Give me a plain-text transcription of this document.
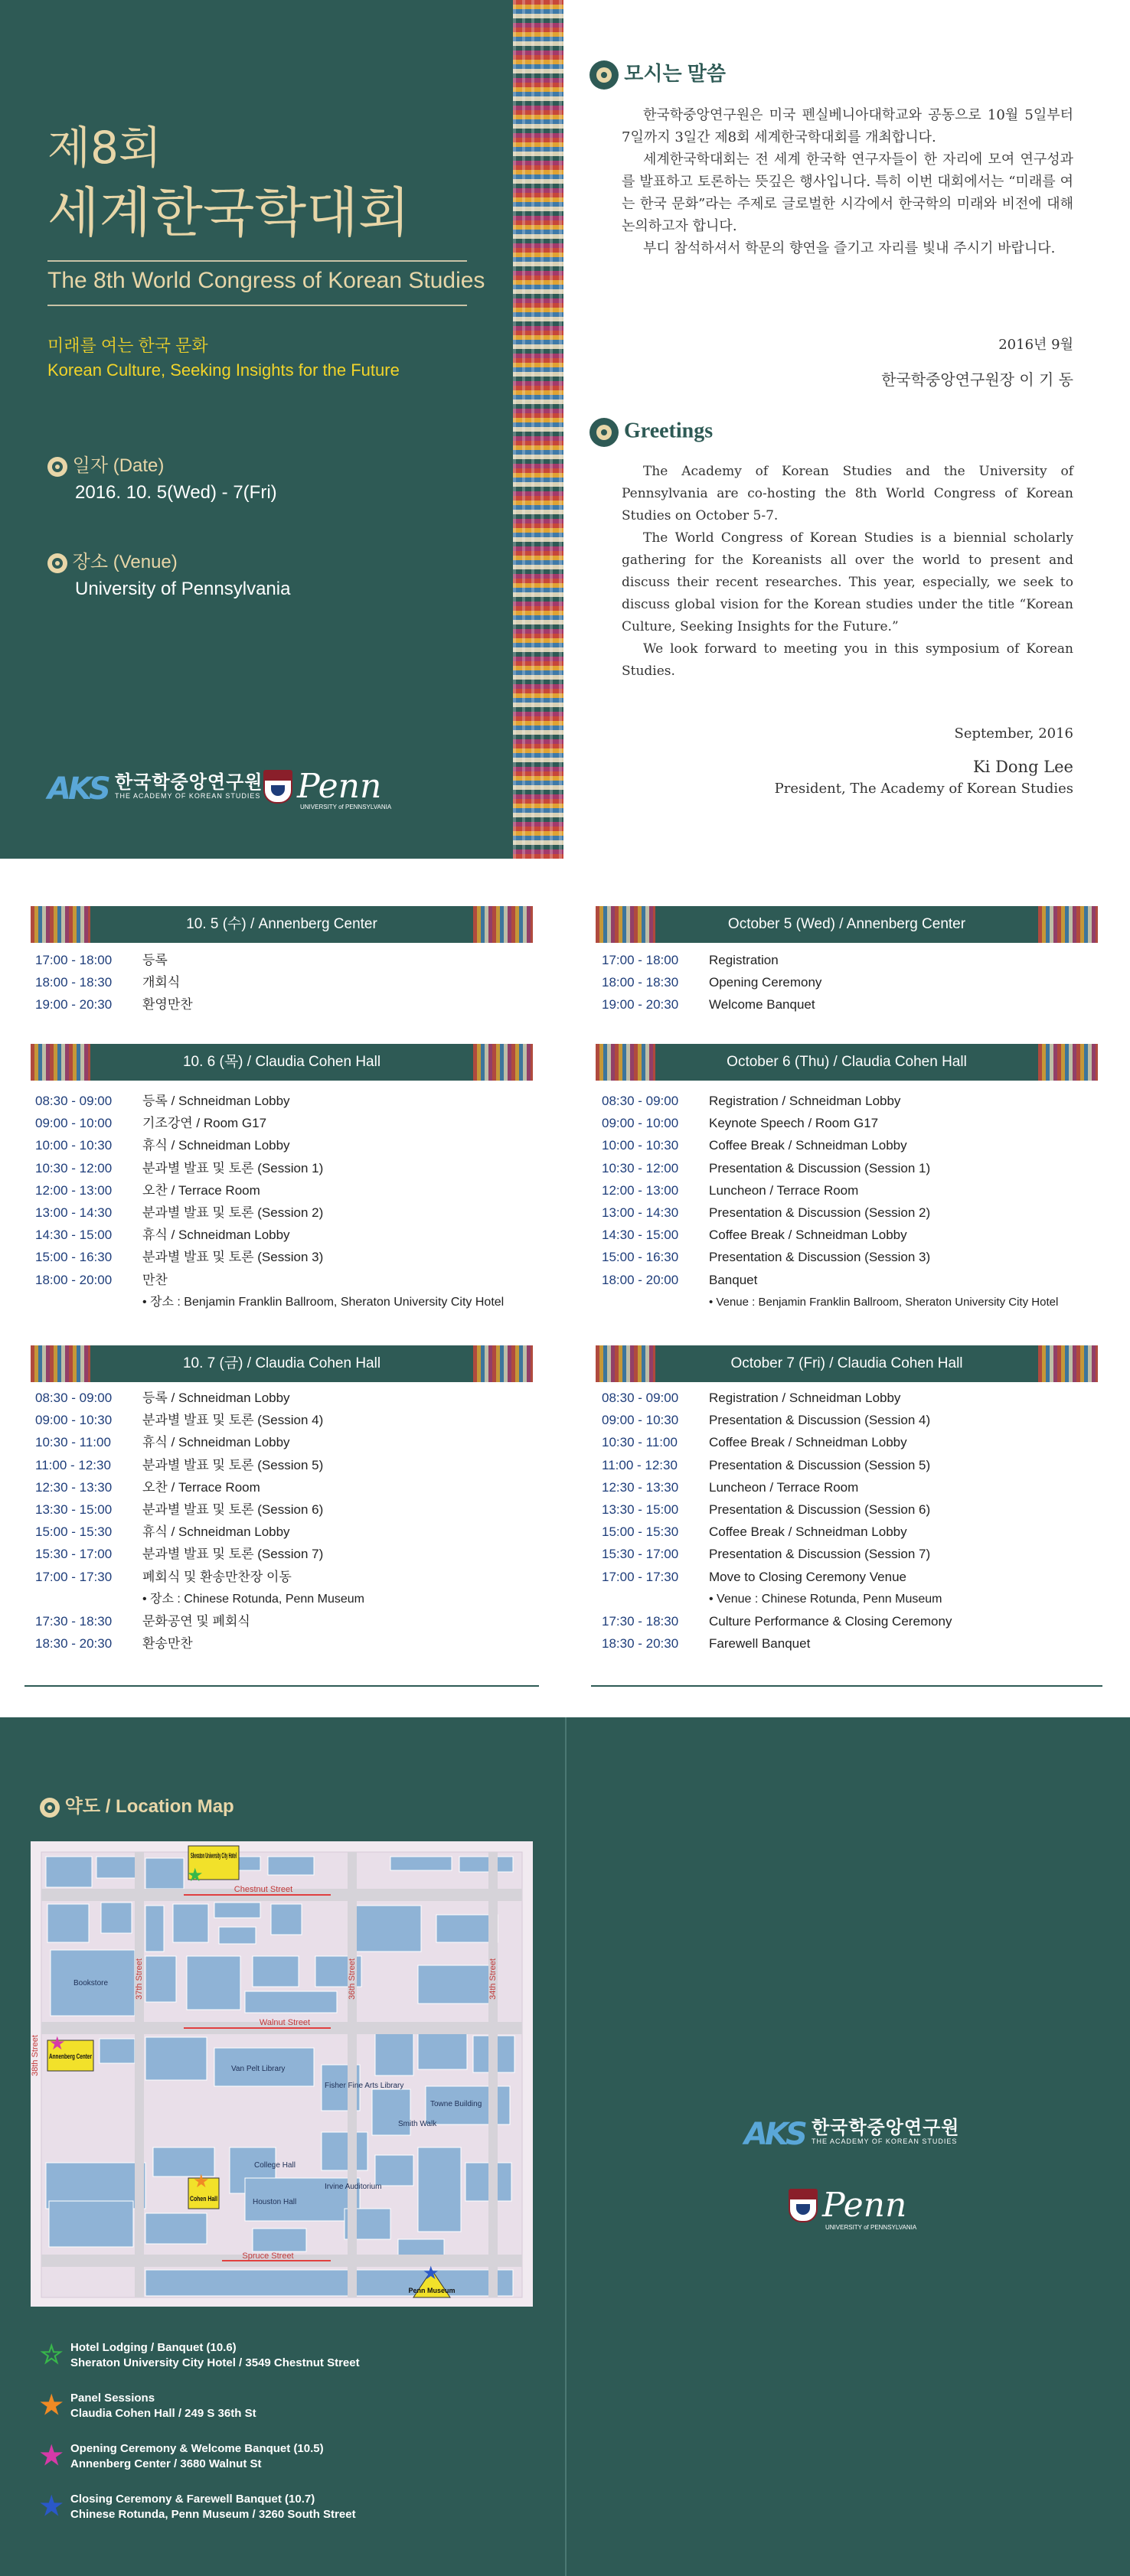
제8회
세계한국학대회
The 8th World Congress of Korean Studies
미래를 여는 한국 문화
Korean Culture, Seeking Insights for the Future
일자 (Date)
2016. 10. 5(Wed) - 7(Fri)
장소 (Venue)
University of Pennsylvania
AKS 한국학중앙연구원
THE ACADEMY OF KOREAN STUDIES Penn
UNIVERSITY of PENNSYLVANIA
모시는 말씀
한국학중앙연구원은 미국 펜실베니아대학교와 공동으로 10월 5일부터 7일까지 3일간 제8회 세계한국학대회를 개최합니다.
세계한국학대회는 전 세계 한국학 연구자들이 한 자리에 모여 연구성과를 발표하고 토론하는 뜻깊은 행사입니다. 특히 이번 대회에서는 “미래를 여는 한국 문화”라는 주제로 글로벌한 시각에서 한국학의 미래와 비전에 대해 논의하고자 합니다.
부디 참석하셔서 학문의 향연을 즐기고 자리를 빛내 주시기 바랍니다.
2016년 9월
한국학중앙연구원장 이 기 동
Greetings
The Academy of Korean Studies and the University of Pennsylvania are co-hosting the 8th World Congress of Korean Studies on October 5-7.
The World Congress of Korean Studies is a biennial scholarly gathering for the Koreanists all over the world to present and discuss their recent researches. This year, especially, we seek to discuss global vision for the Korean studies under the title “Korean Culture, Seeking Insights for the Future.”
We look forward to meeting you in this symposium of Korean Studies.
September, 2016
Ki Dong Lee
President, The Academy of Korean Studies
10. 5 (수) / Annenberg Center
17:00 - 18:00 등록
18:00 - 18:30 개회식
19:00 - 20:30 환영만찬
10. 6 (목) / Claudia Cohen Hall
08:30 - 09:00 등록 / Schneidman Lobby
09:00 - 10:00 기조강연 / Room G17
10:00 - 10:30 휴식 / Schneidman Lobby
10:30 - 12:00 분과별 발표 및 토론 (Session 1)
12:00 - 13:00 오찬 / Terrace Room
13:00 - 14:30 분과별 발표 및 토론 (Session 2)
14:30 - 15:00 휴식 / Schneidman Lobby
15:00 - 16:30 분과별 발표 및 토론 (Session 3)
18:00 - 20:00 만찬
• 장소 : Benjamin Franklin Ballroom, Sheraton University City Hotel
10. 7 (금) / Claudia Cohen Hall
08:30 - 09:00 등록 / Schneidman Lobby
09:00 - 10:30 분과별 발표 및 토론 (Session 4)
10:30 - 11:00 휴식 / Schneidman Lobby
11:00 - 12:30 분과별 발표 및 토론 (Session 5)
12:30 - 13:30 오찬 / Terrace Room
13:30 - 15:00 분과별 발표 및 토론 (Session 6)
15:00 - 15:30 휴식 / Schneidman Lobby
15:30 - 17:00 분과별 발표 및 토론 (Session 7)
17:00 - 17:30 폐회식 및 환송만찬장 이동
• 장소 : Chinese Rotunda, Penn Museum
17:30 - 18:30 문화공연 및 폐회식
18:30 - 20:30 환송만찬
October 5 (Wed) / Annenberg Center
17:00 - 18:00 Registration
18:00 - 18:30 Opening Ceremony
19:00 - 20:30 Welcome Banquet
October 6 (Thu) / Claudia Cohen Hall
08:30 - 09:00 Registration / Schneidman Lobby
09:00 - 10:00 Keynote Speech / Room G17
10:00 - 10:30 Coffee Break / Schneidman Lobby
10:30 - 12:00 Presentation & Discussion (Session 1)
12:00 - 13:00 Luncheon / Terrace Room
13:00 - 14:30 Presentation & Discussion (Session 2)
14:30 - 15:00 Coffee Break / Schneidman Lobby
15:00 - 16:30 Presentation & Discussion (Session 3)
18:00 - 20:00 Banquet
• Venue : Benjamin Franklin Ballroom, Sheraton University City Hotel
October 7 (Fri) / Claudia Cohen Hall
08:30 - 09:00 Registration / Schneidman Lobby
09:00 - 10:30 Presentation & Discussion (Session 4)
10:30 - 11:00 Coffee Break / Schneidman Lobby
11:00 - 12:30 Presentation & Discussion (Session 5)
12:30 - 13:30 Luncheon / Terrace Room
13:30 - 15:00 Presentation & Discussion (Session 6)
15:00 - 15:30 Coffee Break / Schneidman Lobby
15:30 - 17:00 Presentation & Discussion (Session 7)
17:00 - 17:30 Move to Closing Ceremony Venue
• Venue : Chinese Rotunda, Penn Museum
17:30 - 18:30 Culture Performance & Closing Ceremony
18:30 - 20:30 Farewell Banquet
약도 / Location Map
Chestnut Street
Walnut Street
Spruce Street
38th Street
37th Street	36th Street	34th Street
Smith Walk
Bookstore
Van Pelt Library
College Hall
Houston Hall
Irvine Auditorium
Towne Building
Fisher Fine Arts Library
Sheraton University City Hotel
★
Annenberg Center
★
Cohen Hall
★
Penn Museum
★
☆ Hotel Lodging / Banquet (10.6)
Sheraton University City Hotel / 3549 Chestnut Street
★ Panel Sessions
Claudia Cohen Hall / 249 S 36th St
★ Opening Ceremony & Welcome Banquet (10.5)
Annenberg Center / 3680 Walnut St
★ Closing Ceremony & Farewell Banquet (10.7)
Chinese Rotunda, Penn Museum / 3260 South Street
AKS 한국학중앙연구원
THE ACADEMY OF KOREAN STUDIES
Penn
UNIVERSITY of PENNSYLVANIA
